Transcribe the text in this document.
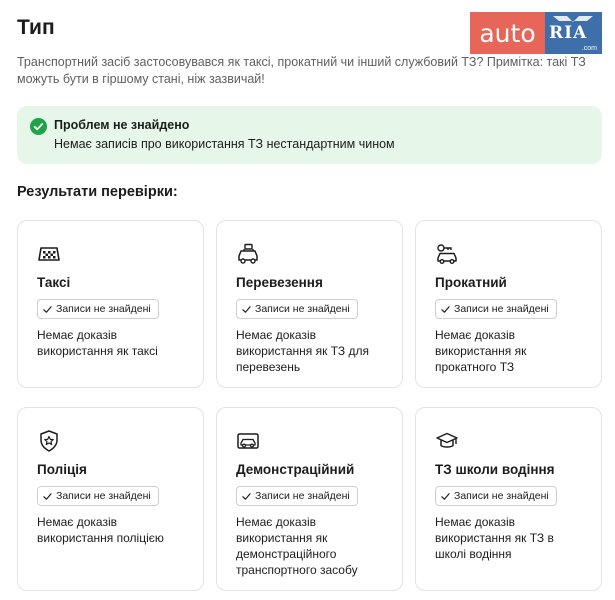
auto RIA
.com
Тип

Транспортний засіб застосовувався як таксі, прокатний чи інший службовий ТЗ? Примітка: такі ТЗ можуть бути в гіршому стані, ніж зазвичай!

Проблем не знайдено
Немає записів про використання ТЗ нестандартним чином
Результати перевірки:
Таксі
Записи не знайдені
Немає доказів використання як таксі
Перевезення
Записи не знайдені
Немає доказів використання як ТЗ для перевезень
Прокатний
Записи не знайдені
Немає доказів використання як прокатного ТЗ
Поліція
Записи не знайдені
Немає доказів використання поліцією
Демонстраційний
Записи не знайдені
Немає доказів використання як демонстраційного транспортного засобу
ТЗ школи водіння
Записи не знайдені
Немає доказів використання як ТЗ в школі водіння
